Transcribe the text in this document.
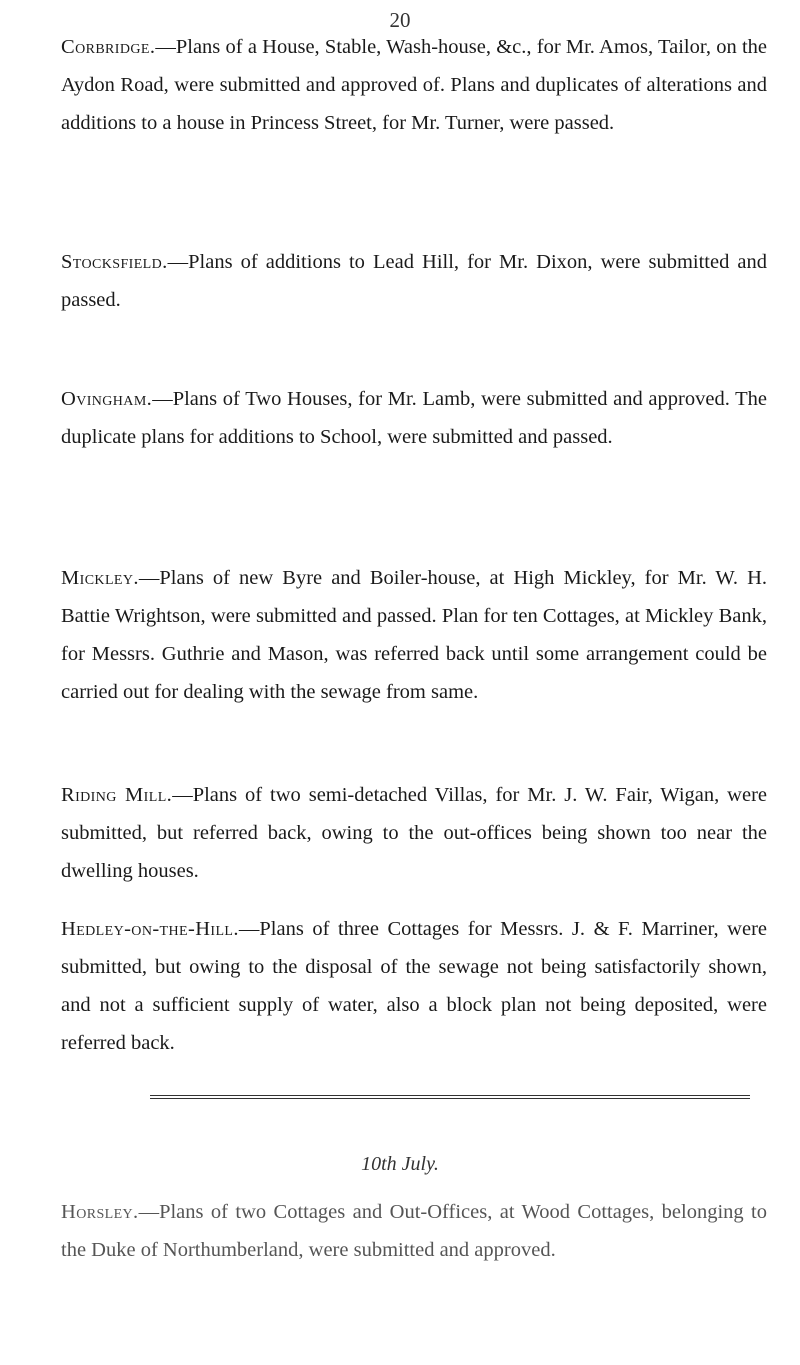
20

Corbridge.—Plans of a House, Stable, Wash-house, &c., for Mr. Amos, Tailor, on the Aydon Road, were submitted and approved of. Plans and duplicates of alterations and additions to a house in Princess Street, for Mr. Turner, were passed.

Stocksfield.—Plans of additions to Lead Hill, for Mr. Dixon, were submitted and passed.

Ovingham.—Plans of Two Houses, for Mr. Lamb, were submitted and approved. The duplicate plans for additions to School, were submitted and passed.

Mickley.—Plans of new Byre and Boiler-house, at High Mickley, for Mr. W. H. Battie Wrightson, were submitted and passed. Plan for ten Cottages, at Mickley Bank, for Messrs. Guthrie and Mason, was referred back until some arrangement could be carried out for dealing with the sewage from same.

Riding Mill.—Plans of two semi-detached Villas, for Mr. J. W. Fair, Wigan, were submitted, but referred back, owing to the out-offices being shown too near the dwelling houses.

Hedley-on-the-Hill.—Plans of three Cottages for Messrs. J. & F. Marriner, were submitted, but owing to the disposal of the sewage not being satisfactorily shown, and not a sufficient supply of water, also a block plan not being deposited, were referred back.

10th July.

Horsley.—Plans of two Cottages and Out-Offices, at Wood Cottages, belonging to the Duke of Northumberland, were submitted and approved.
